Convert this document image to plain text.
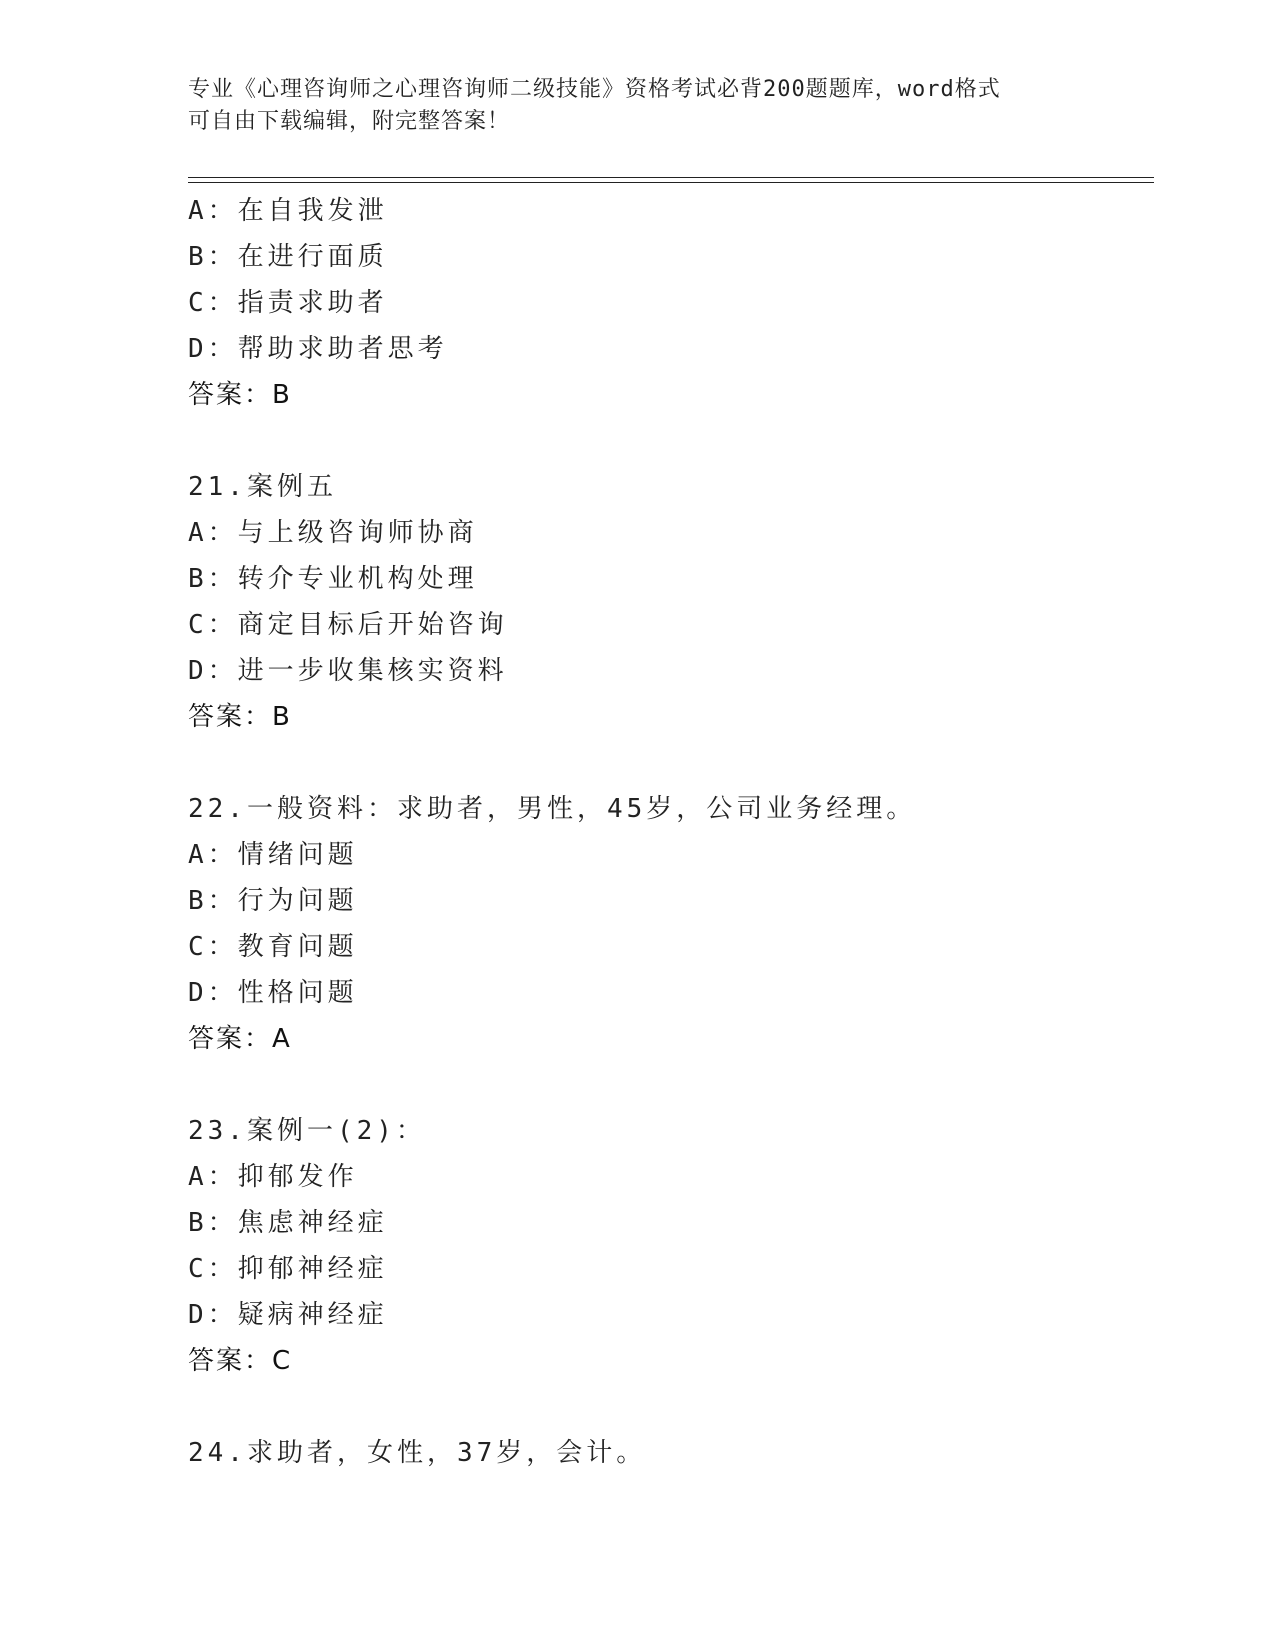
专业《心理咨询师之心理咨询师二级技能》资格考试必背200题题库，word格式
可自由下载编辑，附完整答案！
A：在自我发泄
B：在进行面质
C：指责求助者
D：帮助求助者思考
答案：B
21.案例五
A：与上级咨询师协商
B：转介专业机构处理
C：商定目标后开始咨询
D：进一步收集核实资料
答案：B
22.一般资料：求助者，男性，45岁，公司业务经理。
A：情绪问题
B：行为问题
C：教育问题
D：性格问题
答案：A
23.案例一(2)：
A：抑郁发作
B：焦虑神经症
C：抑郁神经症
D：疑病神经症
答案：C
24.求助者，女性，37岁，会计。
